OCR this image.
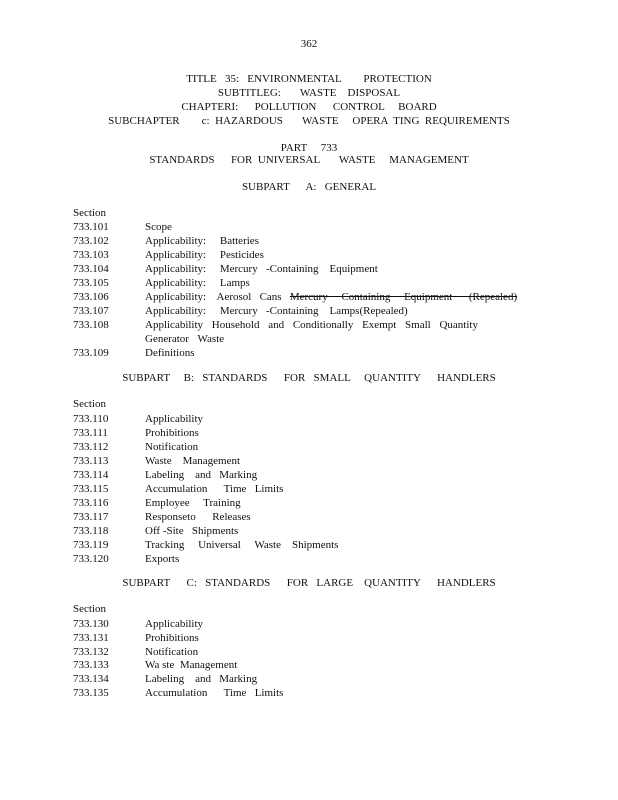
362
TITLE   35:   ENVIRONMENTAL        PROTECTION
SUBTITLEG:       WASTE    DISPOSAL
CHAPTERI:      POLLUTION      CONTROL     BOARD
SUBCHAPTER        c:  HAZARDOUS       WASTE     OPERA  TING  REQUIREMENTS
PART     733
STANDARDS      FOR  UNIVERSAL       WASTE     MANAGEMENT
SUBPART      A:   GENERAL
Section
733.101	Scope
733.102	Applicability:     Batteries
733.103	Applicability:     Pesticides
733.104	Applicability:     Mercury   -Containing    Equipment
733.105	Applicability:     Lamps
733.106	Applicability:    Aerosol   Cans   Mercury     Containing     Equipment      (Repealed)
733.107	Applicability:     Mercury   -Containing    Lamps(Repealed)
733.108	Applicability Household and Conditionally Exempt Small Quantity Generator Waste
733.109	Definitions
SUBPART     B:   STANDARDS      FOR   SMALL     QUANTITY      HANDLERS
Section
733.110	Applicability
733.111	Prohibitions
733.112	Notification
733.113	Waste    Management
733.114	Labeling    and   Marking
733.115	Accumulation      Time   Limits
733.116	Employee     Training
733.117	Responseto      Releases
733.118	Off -Site   Shipments
733.119	Tracking     Universal     Waste    Shipments
733.120	Exports
SUBPART      C:   STANDARDS      FOR   LARGE    QUANTITY      HANDLERS
Section
733.130	Applicability
733.131	Prohibitions
733.132	Notification
733.133	Wa ste  Management
733.134	Labeling    and   Marking
733.135	Accumulation      Time   Limits
